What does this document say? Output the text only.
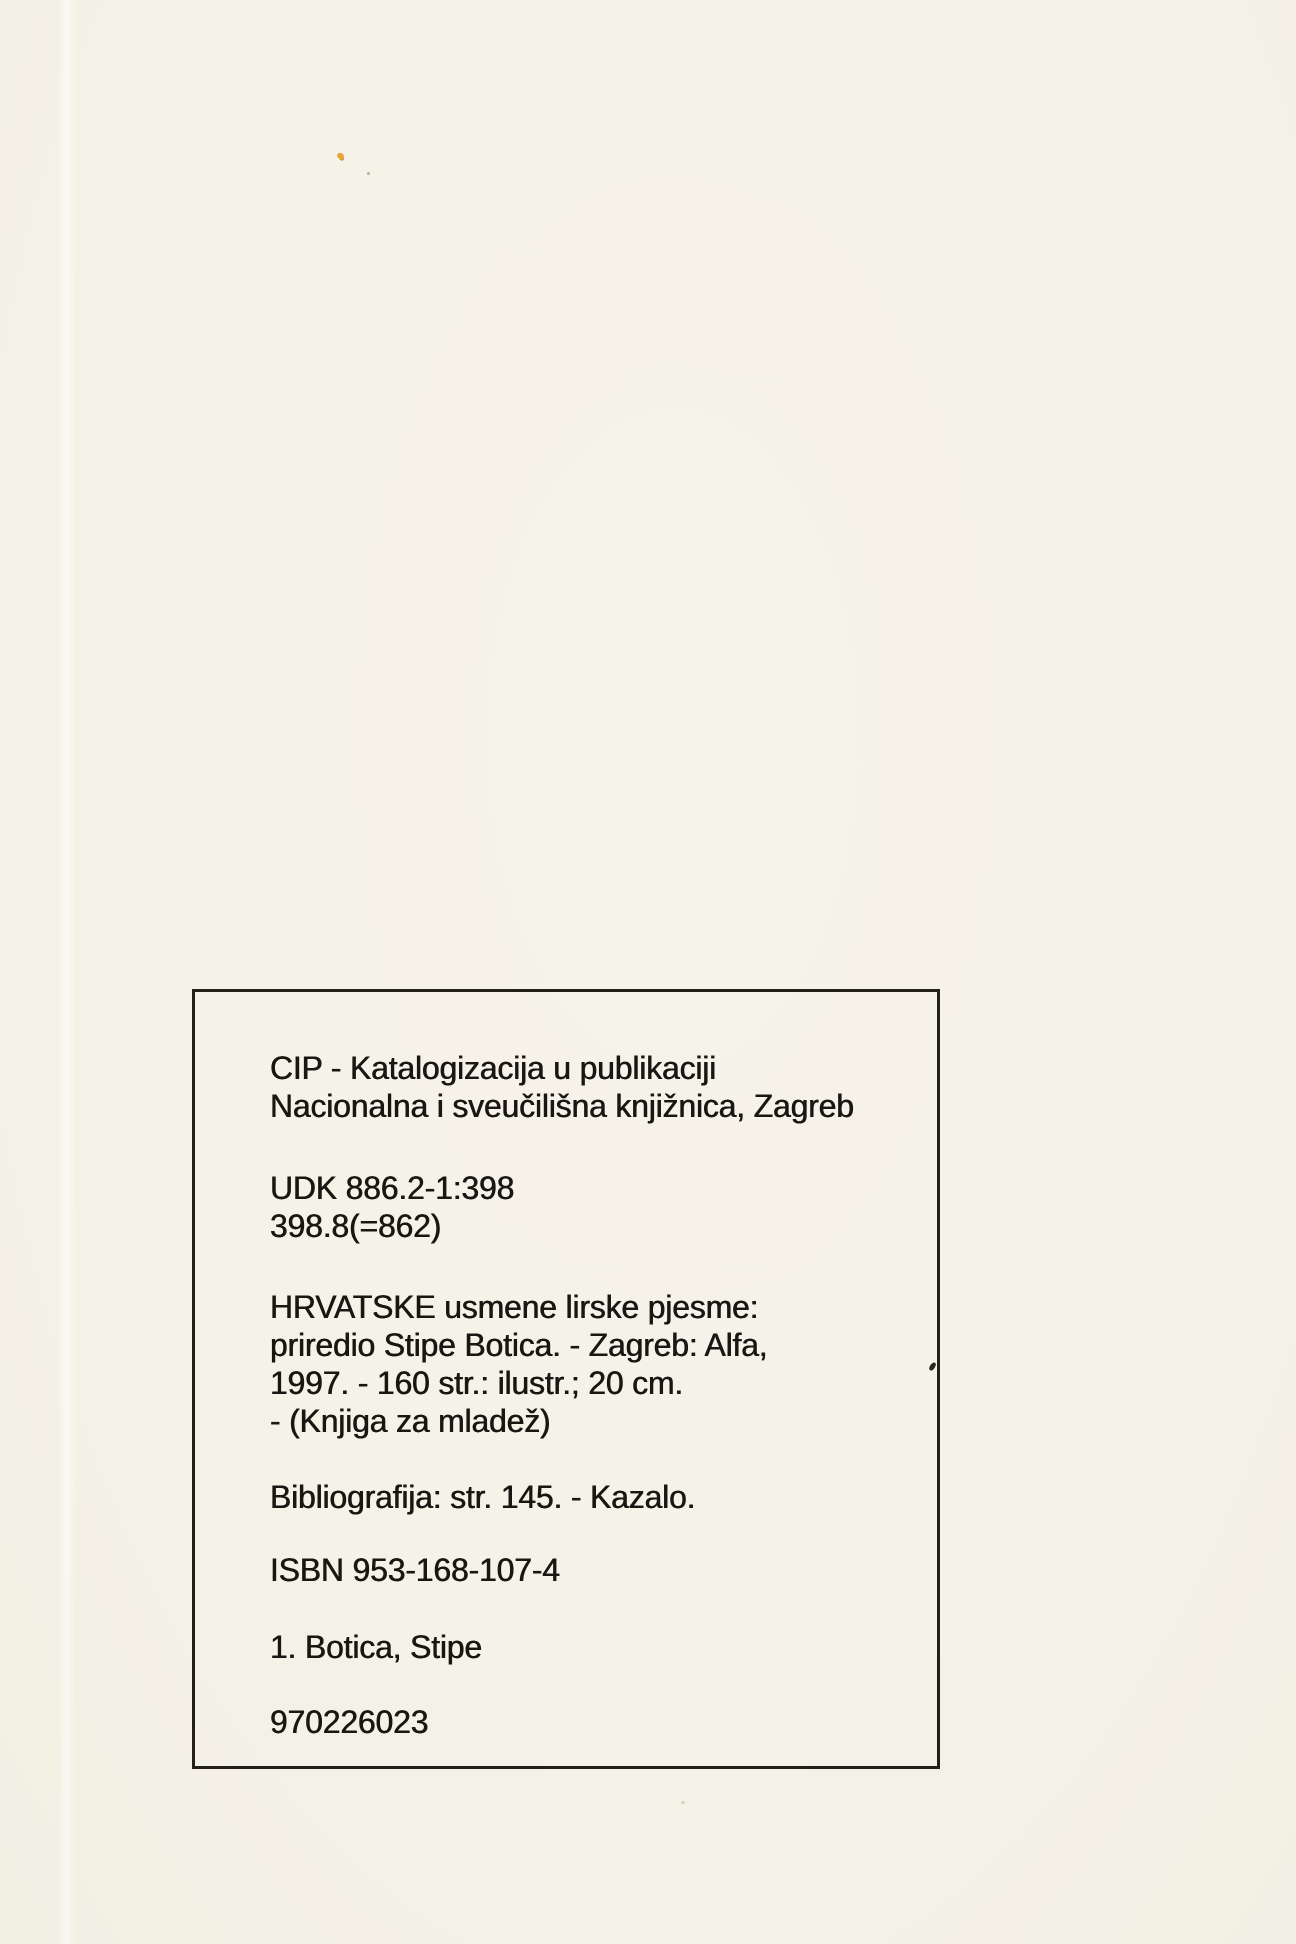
CIP - Katalogizacija u publikaciji
Nacionalna i sveučilišna knjižnica, Zagreb

UDK 886.2-1:398
398.8(=862)

HRVATSKE usmene lirske pjesme:
priredio Stipe Botica. - Zagreb: Alfa,
1997. - 160 str.: ilustr.; 20 cm.
- (Knjiga za mladež)

Bibliografija: str. 145. - Kazalo.

ISBN 953-168-107-4

1. Botica, Stipe

970226023
